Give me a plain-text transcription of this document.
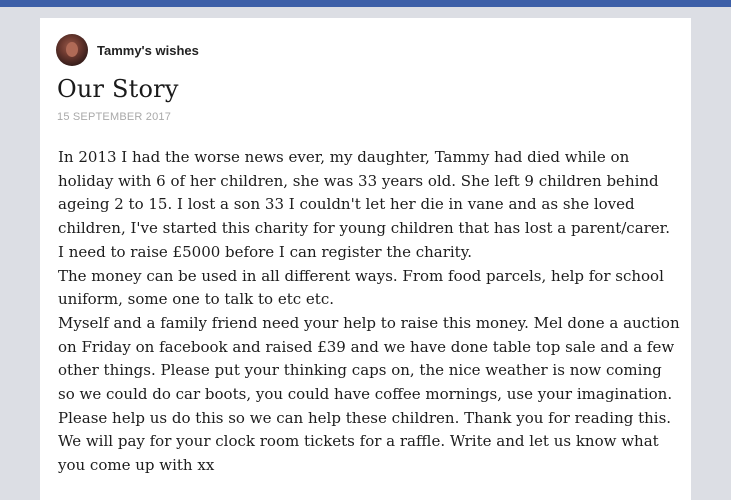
Tammy's wishes
Our Story
15 SEPTEMBER 2017

In 2013 I had the worse news ever, my daughter, Tammy had died while on holiday with 6 of her children, she was 33 years old. She left 9 children behind ageing 2 to 15. I lost a son 33 I couldn't let her die in vane and as she loved children, I've started this charity for young children that has lost a parent/carer.

I need to raise £5000 before I can register the charity.

The money can be used in all different ways. From food parcels, help for school uniform, some one to talk to etc etc.

Myself and a family friend need your help to raise this money. Mel done a auction on Friday on facebook and raised £39 and we have done table top sale and a few other things. Please put your thinking caps on, the nice weather is now coming so we could do car boots, you could have coffee mornings, use your imagination.

Please help us do this so we can help these children. Thank you for reading this. We will pay for your clock room tickets for a raffle. Write and let us know what you come up with xx
